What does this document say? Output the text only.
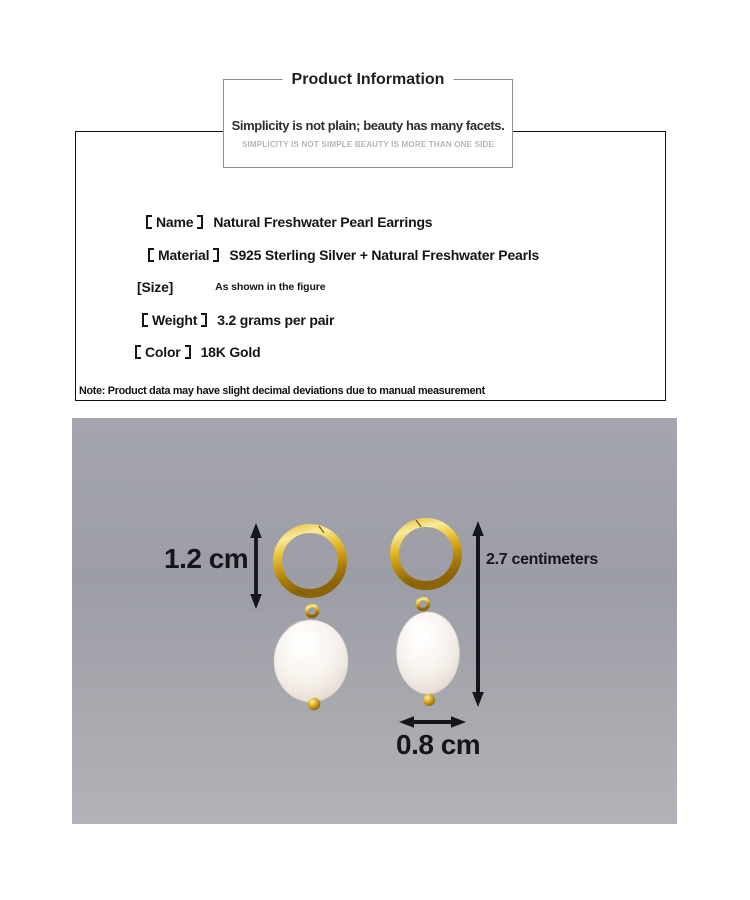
Name	Natural Freshwater Pearl Earrings
Material	S925 Sterling Silver + Natural Freshwater Pearls
[Size]	As shown in the figure
Weight	3.2 grams per pair
Color	18K Gold
Note: Product data may have slight decimal deviations due to manual measurement
Product Information
Simplicity is not plain; beauty has many facets.
SIMPLICITY IS NOT SIMPLE BEAUTY IS MORE THAN ONE SIDE
1.2 cm	2.7 centimeters
0.8 cm
